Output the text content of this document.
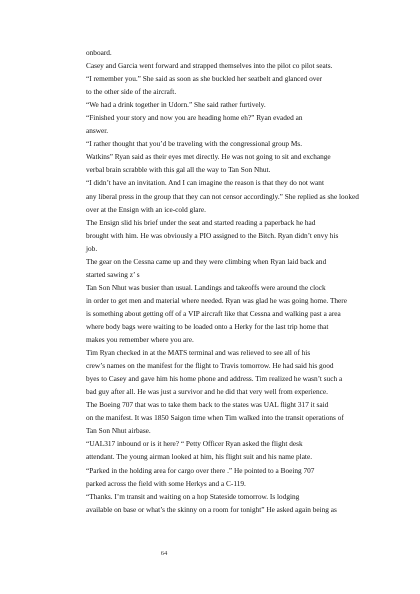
onboard.
Casey and Garcia went forward and strapped themselves into the pilot co pilot seats.
“I remember you.” She said as soon as she buckled her seatbelt and glanced over
to the other side of the aircraft.
“We had a drink together in Udorn.” She said rather furtively.
“Finished your story and now you are heading home eh?” Ryan evaded an
answer.
“I rather thought that you’d be traveling with the congressional group Ms.
Watkins” Ryan said as their eyes met directly. He was not going to sit and exchange
verbal brain scrabble with this gal all the way to Tan Son Nhut.
“I didn’t have an invitation. And I can imagine the reason is that they do not want
any liberal press in the group that they can not censor accordingly.” She replied as she looked
over at the Ensign with an ice-cold glare.
The Ensign slid his brief under the seat and started reading a paperback he had
brought with him. He was obviously a PIO assigned to the Bitch. Ryan didn’t envy his
job.
The gear on the Cessna came up and they were climbing when Ryan laid back and
started sawing z’ s
Tan Son Nhut was busier than usual. Landings and takeoffs were around the clock
in order to get men and material where needed. Ryan was glad he was going home. There
is something about getting off of a VIP aircraft like that Cessna and walking past a area
where body bags were waiting to be loaded onto a Herky for the last trip home that
makes you remember where you are.
Tim Ryan checked in at the MATS terminal and was relieved to see all of his
crew’s names on the manifest for the flight to Travis tomorrow. He had said his good
byes to Casey and gave him his home phone and address. Tim realized he wasn’t such a
bad guy after all. He was just a survivor and he did that very well from experience.
The Boeing 707 that was to take them back to the states was UAL flight 317 it said
on the manifest. It was 1850 Saigon time when Tim walked into the transit operations of
Tan Son Nhut airbase.
“UAL317 inbound or is it here? “ Petty Officer Ryan asked the flight desk
attendant. The young airman looked at him, his flight suit and his name plate.
“Parked in the holding area for cargo over there .” He pointed to a Boeing 707
parked across the field with some Herkys and a C-119.
“Thanks. I’m transit and waiting on a hop Stateside tomorrow. Is lodging
available on base or what’s the skinny on a room for tonight” He asked again being as
64
